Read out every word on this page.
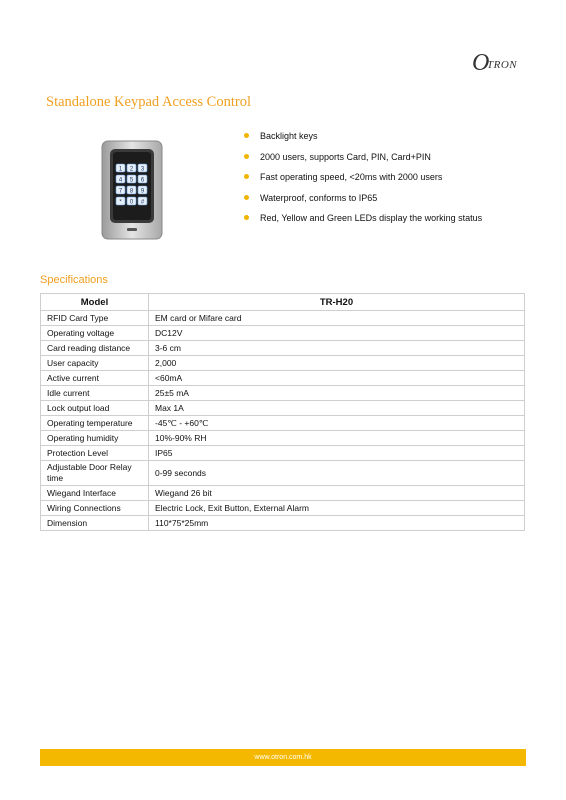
O
TRON
Standalone Keypad Access Control
1 2 3
4 5 6
7 8 9
* 0 #
Backlight keys
2000 users, supports Card, PIN, Card+PIN
Fast operating speed, <20ms with 2000 users
Waterproof, conforms to IP65
Red, Yellow and Green LEDs display the working status
Specifications
Model	TR-H20
RFID Card Type	EM card or Mifare card
Operating voltage	DC12V
Card reading distance	3-6 cm
User capacity	2,000
Active current	<60mA
Idle current	25±5 mA
Lock output load	Max 1A
Operating temperature	-45℃ - +60℃
Operating humidity	10%-90% RH
Protection Level	IP65
Adjustable Door Relay time	0-99 seconds
Wiegand Interface	Wiegand 26 bit
Wiring Connections	Electric Lock, Exit Button, External Alarm
Dimension	110*75*25mm
www.otron.com.hk
